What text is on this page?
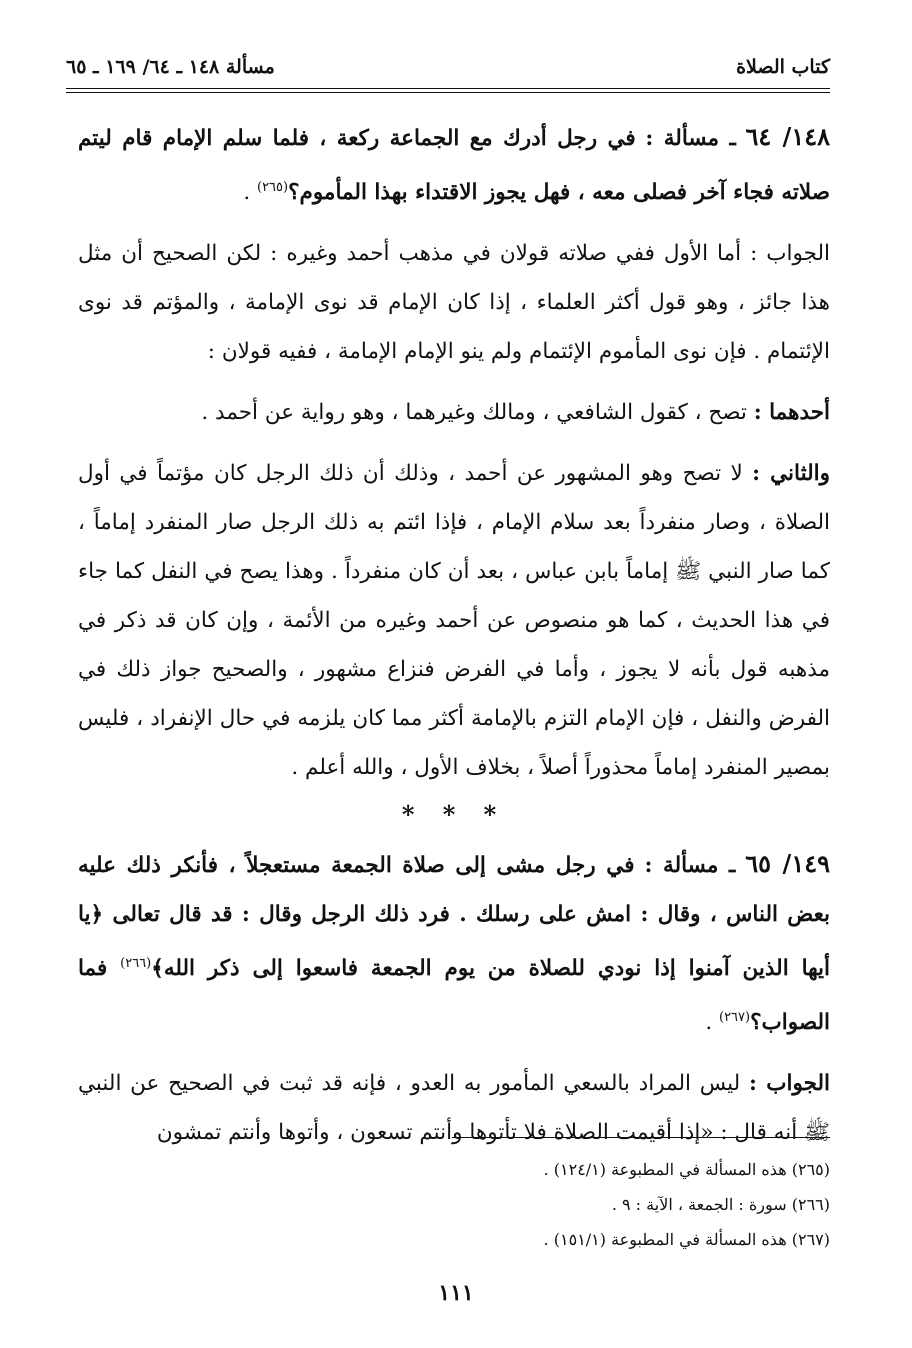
كتاب الصلاة
مسألة ١٤٨ ـ ٦٤/ ١٦٩ ـ ٦٥

١٤٨/ ٦٤ ـ مسألة : في رجل أدرك مع الجماعة ركعة ، فلما سلم الإمام قام ليتم صلاته فجاء آخر فصلى معه ، فهل يجوز الاقتداء بهذا المأموم؟$^{(٢٦٥)}$ .

الجواب : أما الأول ففي صلاته قولان في مذهب أحمد وغيره : لكن الصحيح أن مثل هذا جائز ، وهو قول أكثر العلماء ، إذا كان الإمام قد نوى الإمامة ، والمؤتم قد نوى الإئتمام . فإن نوى المأموم الإئتمام ولم ينو الإمام الإمامة ، ففيه قولان :

أحدهما : تصح ، كقول الشافعي ، ومالك وغيرهما ، وهو رواية عن أحمد .

والثاني : لا تصح وهو المشهور عن أحمد ، وذلك أن ذلك الرجل كان مؤتماً في أول الصلاة ، وصار منفرداً بعد سلام الإمام ، فإذا ائتم به ذلك الرجل صار المنفرد إماماً ، كما صار النبي ﷺ إماماً بابن عباس ، بعد أن كان منفرداً . وهذا يصح في النفل كما جاء في هذا الحديث ، كما هو منصوص عن أحمد وغيره من الأئمة ، وإن كان قد ذكر في مذهبه قول بأنه لا يجوز ، وأما في الفرض فنزاع مشهور ، والصحيح جواز ذلك في الفرض والنفل ، فإن الإمام التزم بالإمامة أكثر مما كان يلزمه في حال الإنفراد ، فليس بمصير المنفرد إماماً محذوراً أصلاً ، بخلاف الأول ، والله أعلم .

* * *

١٤٩/ ٦٥ ـ مسألة : في رجل مشى إلى صلاة الجمعة مستعجلاً ، فأنكر ذلك عليه بعض الناس ، وقال : امش على رسلك . فرد ذلك الرجل وقال : قد قال تعالى ﴿يا أيها الذين آمنوا إذا نودي للصلاة من يوم الجمعة فاسعوا إلى ذكر الله﴾$^{(٢٦٦)}$ فما الصواب؟$^{(٢٦٧)}$ .

الجواب : ليس المراد بالسعي المأمور به العدو ، فإنه قد ثبت في الصحيح عن النبي ﷺ أنه قال : «إذا أقيمت الصلاة فلا تأتوها وأنتم تسعون ، وأتوها وأنتم تمشون

(٢٦٥) هذه المسألة في المطبوعة (١٢٤/١) .

(٢٦٦) سورة : الجمعة ، الآية : ٩ .

(٢٦٧) هذه المسألة في المطبوعة (١٥١/١) .

١١١
